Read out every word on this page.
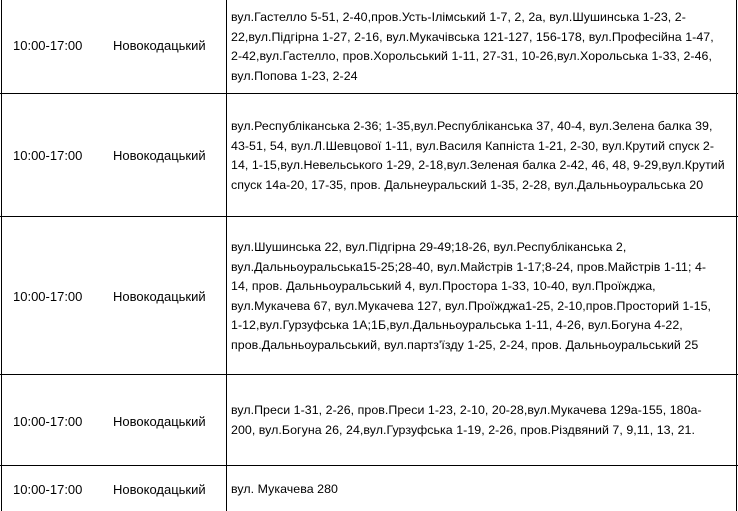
10:00-17:00 Новокодацький
вул.Гастелло 5-51, 2-40,пров.Усть-Ілімський 1-7, 2, 2а, вул.Шушинська 1-23, 2-
22,вул.Підгірна 1-27, 2-16, вул.Мукачівська 121-127, 156-178, вул.Професійна 1-47,
2-42,вул.Гастелло, пров.Хорольський 1-11, 27-31, 10-26,вул.Хорольська 1-33, 2-46,
вул.Попова 1-23, 2-24
10:00-17:00 Новокодацький
вул.Республіканська 2-36; 1-35,вул.Республіканська 37, 40-4, вул.Зелена балка 39,
43-51, 54, вул.Л.Шевцової 1-11, вул.Василя Капніста 1-21, 2-30, вул.Крутий спуск 2-
14, 1-15,вул.Невельського 1-29, 2-18,вул.Зеленая балка 2-42, 46, 48, 9-29,вул.Крутий
спуск 14а-20, 17-35, пров. Дальнеуральский 1-35, 2-28, вул.Дальньоуральська 20
10:00-17:00 Новокодацький
вул.Шушинська 22, вул.Підгірна 29-49;18-26, вул.Республіканська 2,
вул.Дальньоуральська15-25;28-40, вул.Майстрів 1-17;8-24, пров.Майстрів 1-11; 4-
14, пров. Дальньоуральський 4, вул.Простора 1-33, 10-40, вул.Проїжджа,
вул.Мукачева 67, вул.Мукачева 127, вул.Проїжджа1-25, 2-10,пров.Просторий 1-15,
1-12,вул.Гурзуфська 1А;1Б,вул.Дальньоуральська 1-11, 4-26, вул.Богуна 4-22,
пров.Дальньоуральський, вул.партз'їзду 1-25, 2-24, пров. Дальньоуральський 25
10:00-17:00 Новокодацький
вул.Преси 1-31, 2-26, пров.Преси 1-23, 2-10, 20-28,вул.Мукачева 129а-155, 180а-
200, вул.Богуна 26, 24,вул.Гурзуфська 1-19, 2-26, пров.Різдвяний 7, 9,11, 13, 21.
10:00-17:00 Новокодацький вул. Мукачева 280
